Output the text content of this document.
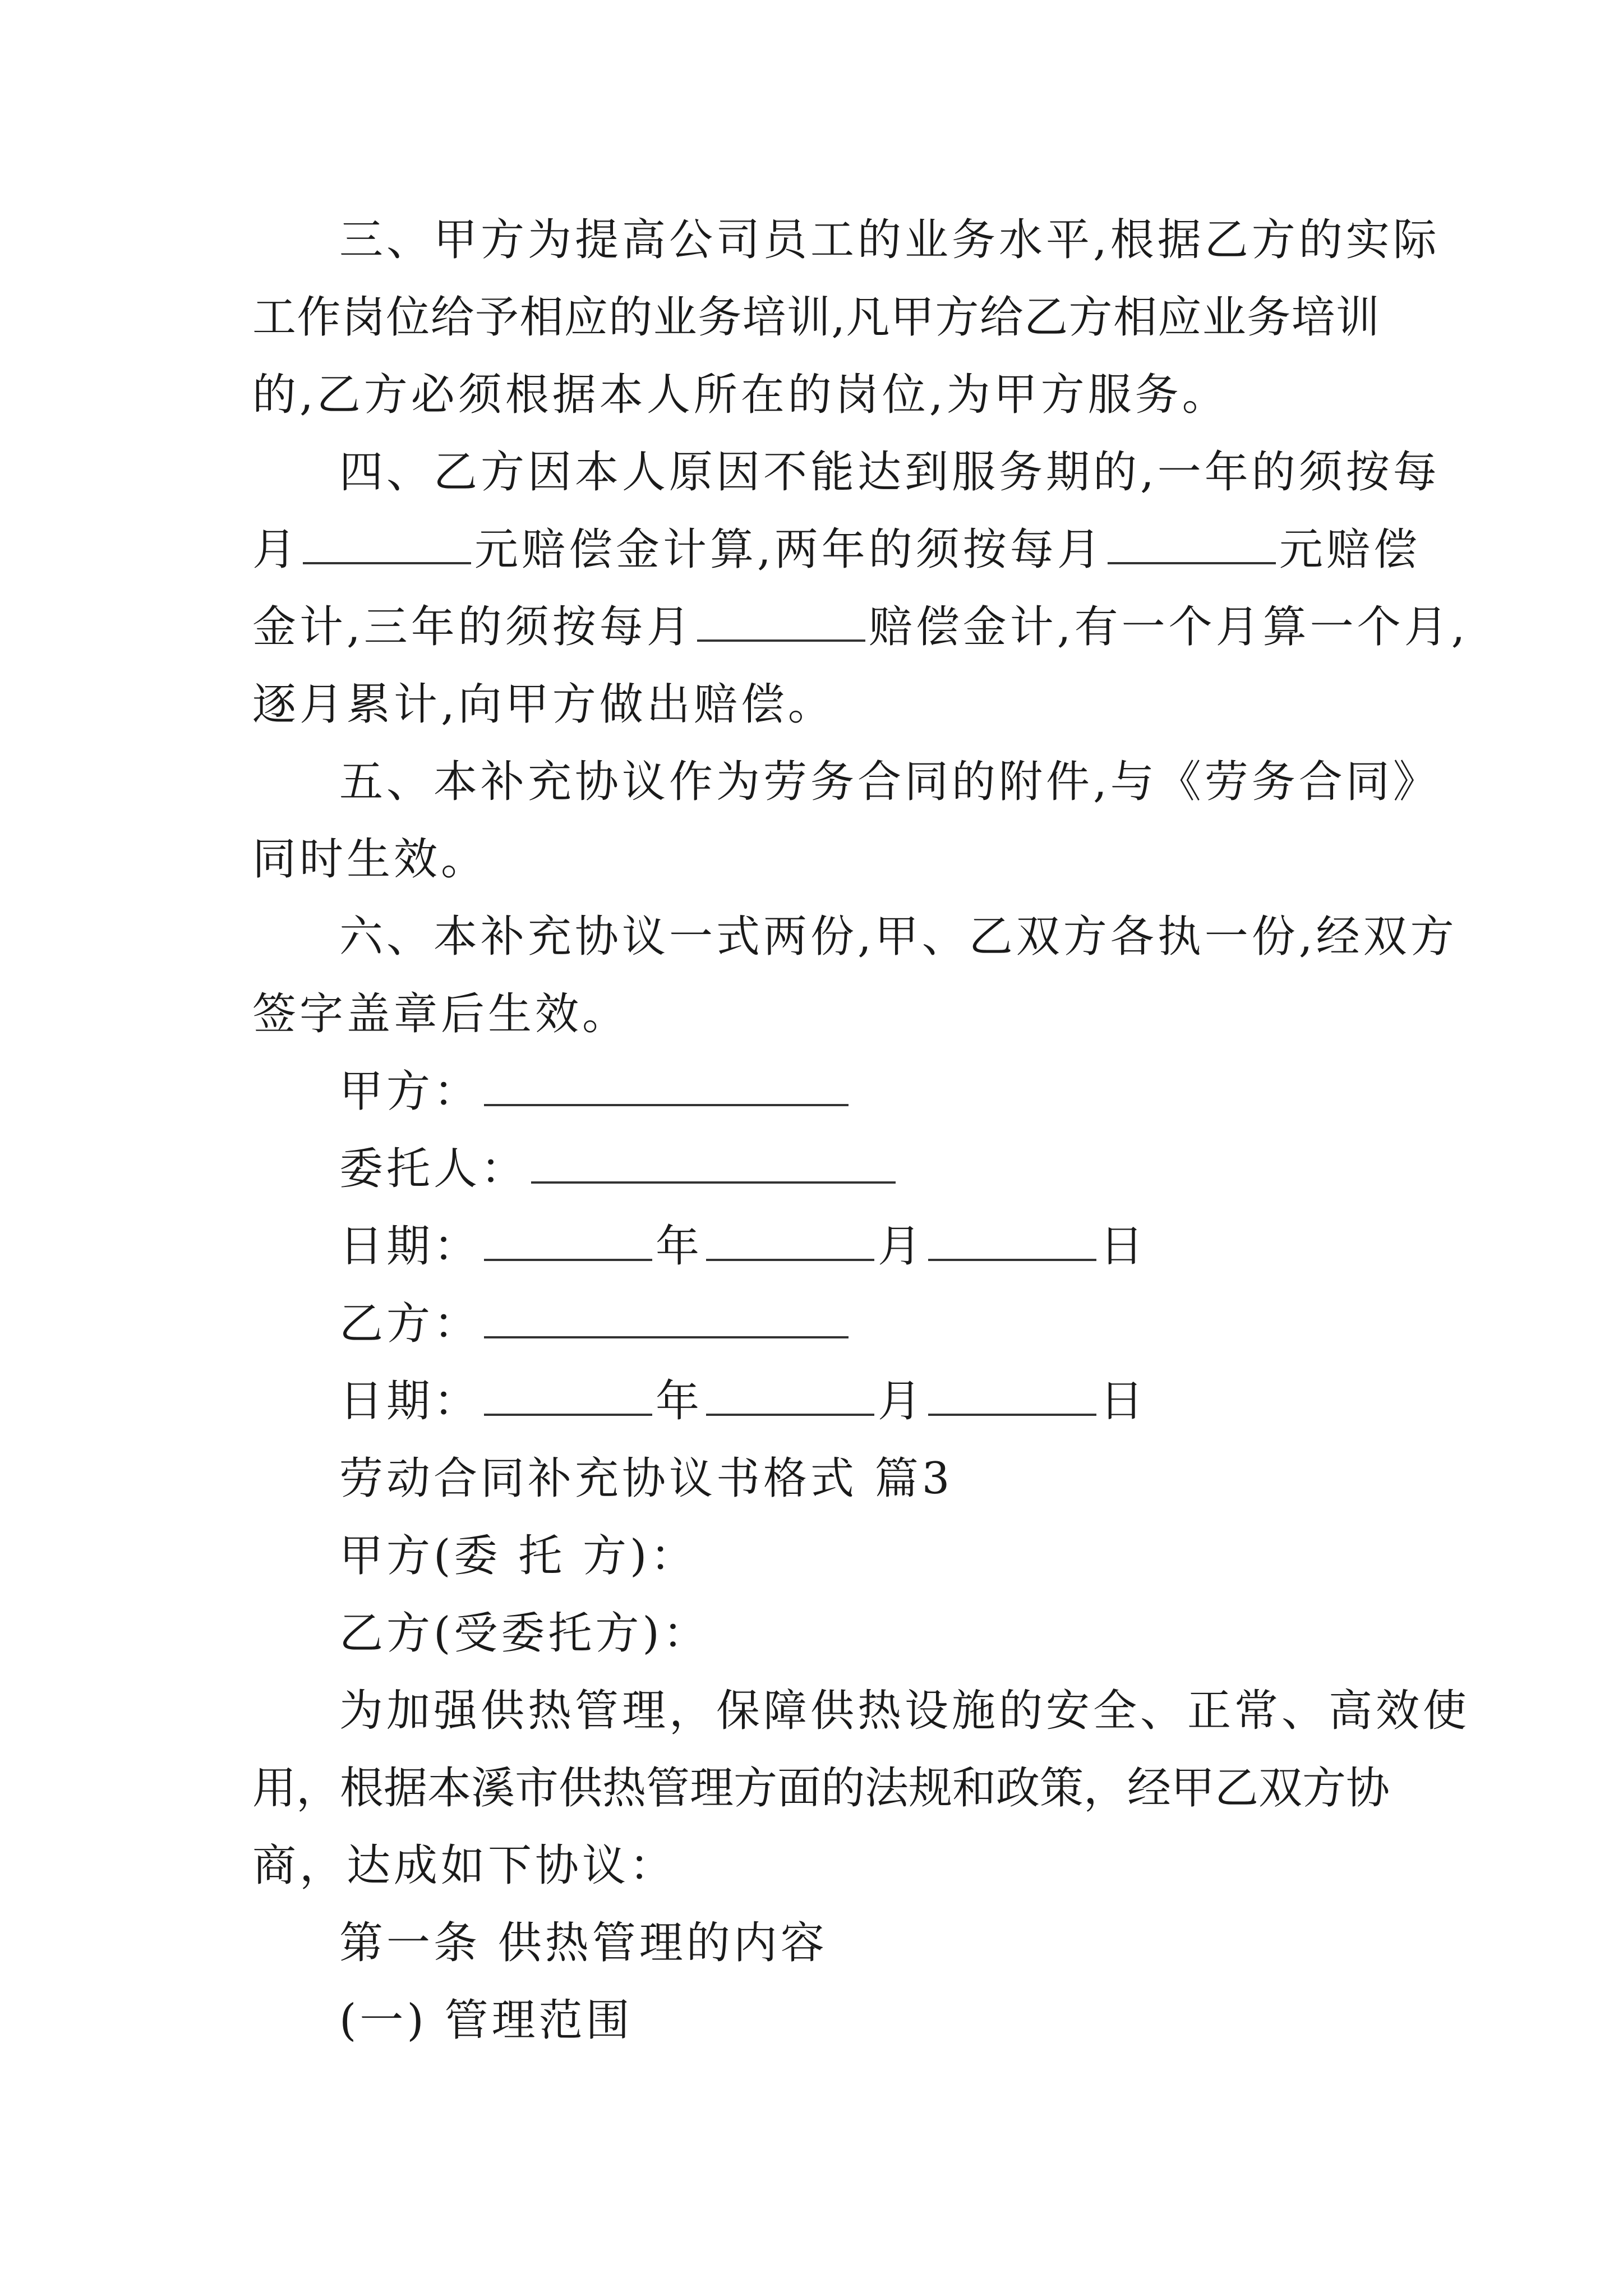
三、甲方为提高公司员工的业务水平,根据乙方的实际
工作岗位给予相应的业务培训,凡甲方给乙方相应业务培训
的,乙方必须根据本人所在的岗位,为甲方服务。
四、乙方因本人原因不能达到服务期的,一年的须按每
月	元赔偿金计算,两年的须按每月	元赔偿
金计,三年的须按每月	赔偿金计,有一个月算一个月,
逐月累计,向甲方做出赔偿。
五、本补充协议作为劳务合同的附件,与《劳务合同》
同时生效。
六、本补充协议一式两份,甲、乙双方各执一份,经双方
签字盖章后生效。
甲方：
委托人：
日期：	年	月	日
乙方：
日期：	年	月	日
劳动合同补充协议书格式 篇3
甲方(委 托 方)：
乙方(受委托方)：
为加强供热管理，保障供热设施的安全、正常、高效使
用，根据本溪市供热管理方面的法规和政策，经甲乙双方协
商，达成如下协议：
第一条 供热管理的内容
(一) 管理范围
